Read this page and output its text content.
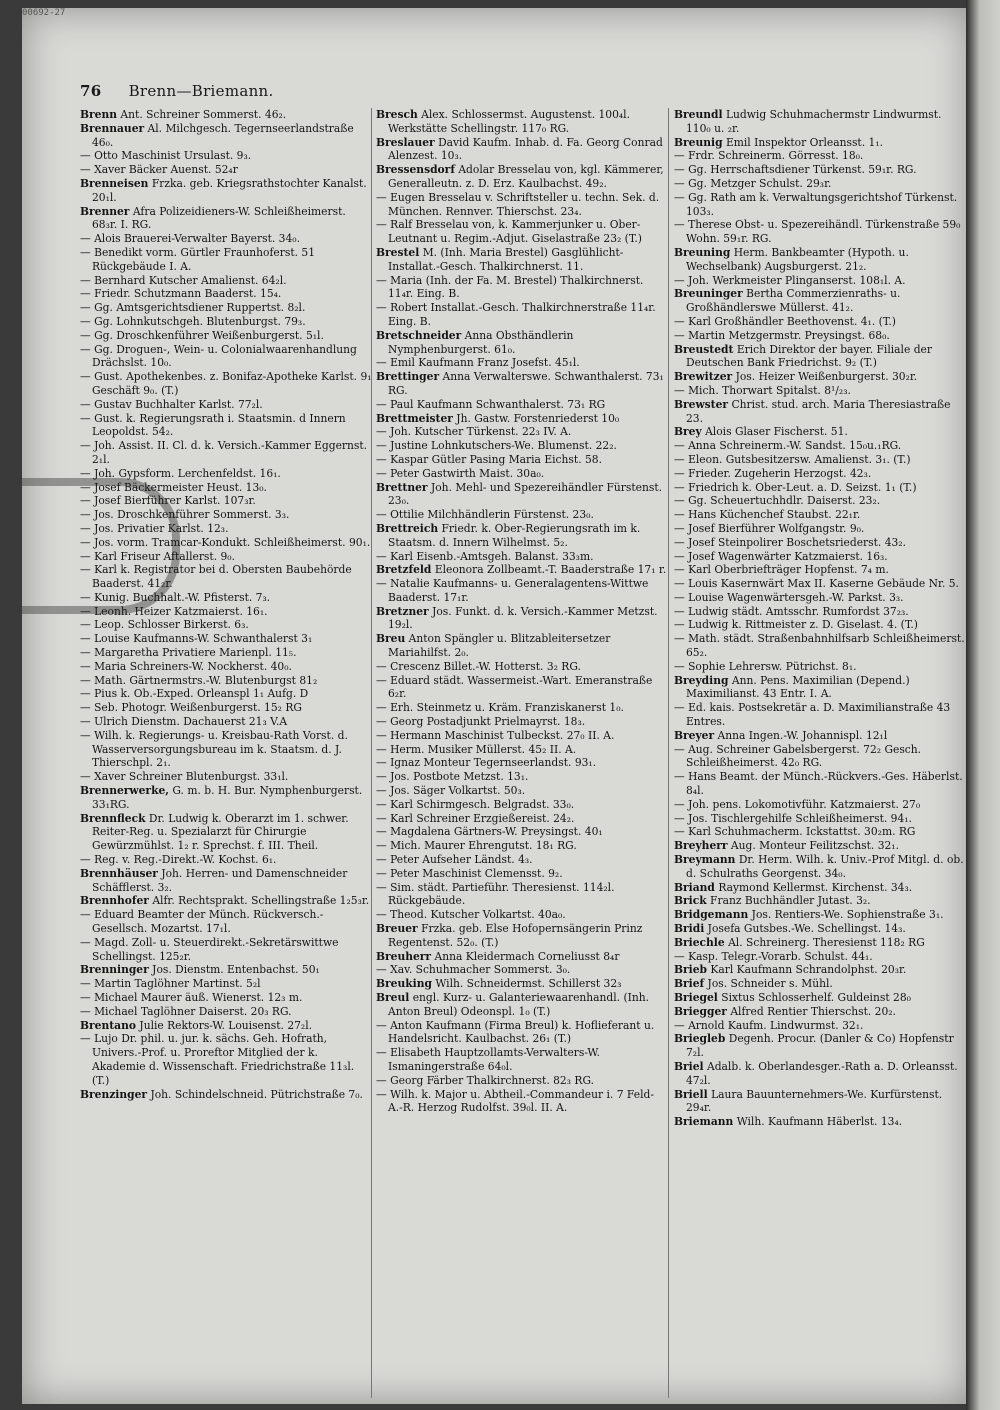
00692-27
76 Brenn—Briemann.

Brenn Ant. Schreiner Sommerst. 46₂.

Brennauer Al. Milchgesch. Tegernseerlandstraße 46₀.

— Otto Maschinist Ursulast. 9₃.

— Xaver Bäcker Auenst. 52₄r

Brenneisen Frzka. geb. Kriegsrathstochter Kanalst. 20₁l.

Brenner Afra Polizeidieners-W. Schleißheimerst. 68₃r. I. RG.

— Alois Brauerei-Verwalter Bayerst. 34₀.

— Benedikt vorm. Gürtler Fraunhoferst. 51 Rückgebäude I. A.

— Bernhard Kutscher Amalienst. 64₂l.

— Friedr. Schutzmann Baaderst. 15₄.

— Gg. Amtsgerichtsdiener Ruppertst. 8₂l.

— Gg. Lohnkutschgeh. Blutenburgst. 79₃.

— Gg. Droschkenführer Weißenburgerst. 5₁l.

— Gg. Droguen-, Wein- u. Colonialwaarenhandlung Drächslst. 10₀.

— Gust. Apothekenbes. z. Bonifaz-Apotheke Karlst. 9₁ Geschäft 9₀. (T.)

— Gustav Buchhalter Karlst. 77₂l.

— Gust. k. Regierungsrath i. Staatsmin. d Innern Leopoldst. 54₂.

— Joh. Assist. II. Cl. d. k. Versich.-Kammer Eggernst. 2₁l.

— Joh. Gypsform. Lerchenfeldst. 16₁.

— Josef Bäckermeister Heust. 13₀.

— Josef Bierführer Karlst. 107₃r.

— Jos. Droschkenführer Sommerst. 3₃.

— Jos. Privatier Karlst. 12₃.

— Jos. vorm. Tramcar-Kondukt. Schleißheimerst. 90₁.

— Karl Friseur Aftallerst. 9₀.

— Karl k. Registrator bei d. Obersten Baubehörde Baaderst. 41₂r.

— Kunig. Buchhalt.-W. Pfisterst. 7₃.

— Leonh. Heizer Katzmaierst. 16₁.

— Leop. Schlosser Birkerst. 6₃.

— Louise Kaufmanns-W. Schwanthalerst 3₁

— Margaretha Privatiere Marienpl. 11₅.

— Maria Schreiners-W. Nockherst. 40₀.

— Math. Gärtnermstrs.-W. Blutenburgst 81₂

— Pius k. Ob.-Exped. Orleanspl 1₁ Aufg. D

— Seb. Photogr. Weißenburgerst. 15₂ RG

— Ulrich Dienstm. Dachauerst 21₃ V.A

— Wilh. k. Regierungs- u. Kreisbau-Rath Vorst. d. Wasserversorgungsbureau im k. Staatsm. d. J. Thierschpl. 2₁.

— Xaver Schreiner Blutenburgst. 33₁l.

Brennerwerke, G. m. b. H. Bur. Nymphenburgerst. 33₁RG.

Brennfleck Dr. Ludwig k. Oberarzt im 1. schwer. Reiter-Reg. u. Spezialarzt für Chirurgie Gewürzmühlst. 1₂ r. Sprechst. f. III. Theil.

— Reg. v. Reg.-Direkt.-W. Kochst. 6₁.

Brennhäuser Joh. Herren- und Damenschneider Schäfflerst. 3₂.

Brennhofer Alfr. Rechtsprakt. Schellingstraße 1₂5₃r.

— Eduard Beamter der Münch. Rückversch.-Gesellsch. Mozartst. 17₁l.

— Magd. Zoll- u. Steuerdirekt.-Sekretärswittwe Schellingst. 125₂r.

Brenninger Jos. Dienstm. Entenbachst. 50₁

— Martin Taglöhner Martinst. 5₂l

— Michael Maurer äuß. Wienerst. 12₃ m.

— Michael Taglöhner Daiserst. 20₃ RG.

Brentano Julie Rektors-W. Louisenst. 27₂l.

— Lujo Dr. phil. u. jur. k. sächs. Geh. Hofrath, Univers.-Prof. u. Proreftor Mitglied der k. Akademie d. Wissenschaft. Friedrichstraße 11₃l. (T.)

Brenzinger Joh. Schindelschneid. Pütrichstraße 7₀.

Bresch Alex. Schlossermst. Augustenst. 100₄l. Werkstätte Schellingstr. 117₀ RG.

Breslauer David Kaufm. Inhab. d. Fa. Georg Conrad Alenzest. 10₃.

Bressensdorf Adolar Bresselau von, kgl. Kämmerer, Generalleutn. z. D. Erz. Kaulbachst. 49₂.

— Eugen Bresselau v. Schriftsteller u. techn. Sek. d. München. Rennver. Thierschst. 23₄.

— Ralf Bresselau von, k. Kammerjunker u. Ober-Leutnant u. Regim.-Adjut. Giselastraße 23₂ (T.)

Brestel M. (Inh. Maria Brestel) Gasglühlicht-Installat.-Gesch. Thalkirchnerst. 11.

— Maria (Inh. der Fa. M. Brestel) Thalkirchnerst. 11₄r. Eing. B.

— Robert Installat.-Gesch. Thalkirchnerstraße 11₄r. Eing. B.

Bretschneider Anna Obsthändlerin Nymphenburgerst. 61₀.

— Emil Kaufmann Franz Josefst. 45₁l.

Brettinger Anna Verwalterswe. Schwanthalerst. 73₁ RG.

— Paul Kaufmann Schwanthalerst. 73₁ RG

Brettmeister Jh. Gastw. Forstenriederst 10₀

— Joh. Kutscher Türkenst. 22₃ IV. A.

— Justine Lohnkutschers-We. Blumenst. 22₂.

— Kaspar Gütler Pasing Maria Eichst. 58.

— Peter Gastwirth Maist. 30a₀.

Brettner Joh. Mehl- und Spezereihändler Fürstenst. 23₀.

— Ottilie Milchhändlerin Fürstenst. 23₀.

Brettreich Friedr. k. Ober-Regierungsrath im k. Staatsm. d. Innern Wilhelmst. 5₂.

— Karl Eisenb.-Amtsgeh. Balanst. 33₃m.

Bretzfeld Eleonora Zollbeamt.-T. Baaderstraße 17₁ r.

— Natalie Kaufmanns- u. Generalagentens-Wittwe Baaderst. 17₁r.

Bretzner Jos. Funkt. d. k. Versich.-Kammer Metzst. 19₂l.

Breu Anton Spängler u. Blitzableitersetzer Mariahilfst. 2₀.

— Crescenz Billet.-W. Hotterst. 3₂ RG.

— Eduard städt. Wassermeist.-Wart. Emeranstraße 6₂r.

— Erh. Steinmetz u. Kräm. Franziskanerst 1₀.

— Georg Postadjunkt Prielmayrst. 18₃.

— Hermann Maschinist Tulbeckst. 27₀ II. A.

— Herm. Musiker Müllerst. 45₂ II. A.

— Ignaz Monteur Tegernseerlandst. 93₁.

— Jos. Postbote Metzst. 13₁.

— Jos. Säger Volkartst. 50₃.

— Karl Schirmgesch. Belgradst. 33₀.

— Karl Schreiner Erzgießereist. 24₂.

— Magdalena Gärtners-W. Preysingst. 40₁

— Mich. Maurer Ehrengutst. 18₁ RG.

— Peter Aufseher Ländst. 4₃.

— Peter Maschinist Clemensst. 9₂.

— Sim. städt. Partieführ. Theresienst. 114₂l. Rückgebäude.

— Theod. Kutscher Volkartst. 40a₀.

Breuer Frzka. geb. Else Hofopernsängerin Prinz Regentenst. 52₀. (T.)

Breuherr Anna Kleidermach Corneliusst 8₄r

— Xav. Schuhmacher Sommerst. 3₀.

Breuking Wilh. Schneidermst. Schillerst 32₃

Breul engl. Kurz- u. Galanteriewaarenhandl. (Inh. Anton Breul) Odeonspl. 1₀ (T.)

— Anton Kaufmann (Firma Breul) k. Hoflieferant u. Handelsricht. Kaulbachst. 26₁ (T.)

— Elisabeth Hauptzollamts-Verwalters-W. Ismaningerstraße 64₀l.

— Georg Färber Thalkirchnerst. 82₃ RG.

— Wilh. k. Major u. Abtheil.-Commandeur i. 7 Feld-A.-R. Herzog Rudolfst. 39₀l. II. A.

Breundl Ludwig Schuhmachermstr Lindwurmst. 110₀ u. ₂r.

Breunig Emil Inspektor Orleansst. 1₁.

— Frdr. Schreinerm. Görresst. 18₀.

— Gg. Herrschaftsdiener Türkenst. 59₁r. RG.

— Gg. Metzger Schulst. 29₃r.

— Gg. Rath am k. Verwaltungsgerichtshof Türkenst. 103₃.

— Therese Obst- u. Spezereihändl. Türkenstraße 59₀ Wohn. 59₁r. RG.

Breuning Herm. Bankbeamter (Hypoth. u. Wechselbank) Augsburgerst. 21₂.

— Joh. Werkmeister Plinganserst. 108₁l. A.

Breuninger Bertha Commerzienraths- u. Großhändlerswe Müllerst. 41₂.

— Karl Großhändler Beethovenst. 4₁. (T.)

— Martin Metzgermstr. Preysingst. 68₀.

Breustedt Erich Direktor der bayer. Filiale der Deutschen Bank Friedrichst. 9₂ (T.)

Brewitzer Jos. Heizer Weißenburgerst. 30₂r.

— Mich. Thorwart Spitalst. 8¹/₂₃.

Brewster Christ. stud. arch. Maria Theresiastraße 23.

Brey Alois Glaser Fischerst. 51.

— Anna Schreinerm.-W. Sandst. 15₀u.₁RG.

— Eleon. Gutsbesitzersw. Amalienst. 3₁. (T.)

— Frieder. Zugeherin Herzogst. 42₃.

— Friedrich k. Ober-Leut. a. D. Seizst. 1₁ (T.)

— Gg. Scheuertuchhdlr. Daiserst. 23₂.

— Hans Küchenchef Staubst. 22₁r.

— Josef Bierführer Wolfgangstr. 9₀.

— Josef Steinpolirer Boschetsriederst. 43₂.

— Josef Wagenwärter Katzmaierst. 16₃.

— Karl Oberbriefträger Hopfenst. 7₄ m.

— Louis Kasernwärt Max II. Kaserne Gebäude Nr. 5.

— Louise Wagenwärtersgeh.-W. Parkst. 3₃.

— Ludwig städt. Amtsschr. Rumfordst 37₂₃.

— Ludwig k. Rittmeister z. D. Giselast. 4. (T.)

— Math. städt. Straßenbahnhilfsarb Schleißheimerst. 65₂.

— Sophie Lehrersw. Pütrichst. 8₁.

Breyding Ann. Pens. Maximilian (Depend.) Maximilianst. 43 Entr. I. A.

— Ed. kais. Postsekretär a. D. Maximilianstraße 43 Entres.

Breyer Anna Ingen.-W. Johannispl. 12₁l

— Aug. Schreiner Gabelsbergerst. 72₂ Gesch. Schleißheimerst. 42₀ RG.

— Hans Beamt. der Münch.-Rückvers.-Ges. Häberlst. 8₄l.

— Joh. pens. Lokomotivführ. Katzmaierst. 27₀

— Jos. Tischlergehilfe Schleißheimerst. 94₁.

— Karl Schuhmacherm. Ickstattst. 30₂m. RG

Breyherr Aug. Monteur Feilitzschst. 32₁.

Breymann Dr. Herm. Wilh. k. Univ.-Prof Mitgl. d. ob. d. Schulraths Georgenst. 34₀.

Briand Raymond Kellermst. Kirchenst. 34₃.

Brick Franz Buchhändler Jutast. 3₂.

Bridgemann Jos. Rentiers-We. Sophienstraße 3₁.

Bridi Josefa Gutsbes.-We. Schellingst. 14₃.

Briechle Al. Schreinerg. Theresienst 118₂ RG

— Kasp. Telegr.-Vorarb. Schulst. 44₁.

Brieb Karl Kaufmann Schrandolphst. 20₃r.

Brief Jos. Schneider s. Mühl.

Briegel Sixtus Schlosserhelf. Guldeinst 28₀

Briegger Alfred Rentier Thierschst. 20₂.

— Arnold Kaufm. Lindwurmst. 32₁.

Briegleb Degenh. Procur. (Danler & Co) Hopfenstr 7₂l.

Briel Adalb. k. Oberlandesger.-Rath a. D. Orleansst. 47₂l.

Briell Laura Bauunternehmers-We. Kurfürstenst. 29₄r.

Briemann Wilh. Kaufmann Häberlst. 13₄.
